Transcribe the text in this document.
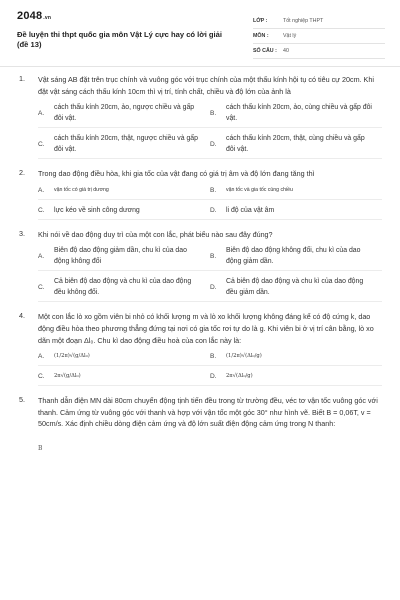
2048.vn
Đề luyện thi thpt quốc gia môn Vật Lý cực hay có lời giải (đề 13)
LỚP :	Tốt nghiệp THPT
MÔN :	Vật lý
SỐ CÂU :	40
1. Vật sáng AB đặt trên trục chính và vuông góc với trục chính của một thấu kính hội tụ có tiêu cự 20cm. Khi đặt vật sáng cách thấu kính 10cm thì vị trí, tính chất, chiều và độ lớn của ảnh là
A.
cách thấu kính 20cm, ảo, ngược chiều và gấp đôi vật.
B.
cách thấu kính 20cm, ảo, cùng chiều và gấp đôi vật.
C.
cách thấu kính 20cm, thật, ngược chiều và gấp đôi vật.
D.
cách thấu kính 20cm, thật, cùng chiều và gấp đôi vật.
2. Trong dao động điều hòa, khi gia tốc của vật đang có giá trị âm và độ lớn đang tăng thì
A.	vận tốc có giá trị dương	B.	vận tốc và gia tốc cùng chiều
C.	lực kéo về sinh công dương	D.	li độ của vật âm
3. Khi nói về dao động duy trì của một con lắc, phát biểu nào sau đây đúng?
A.
Biên độ dao động giảm dần, chu kì của dao động không đổi
B.
Biên độ dao động không đổi, chu kì của dao động giảm dần.
C.
Cả biên độ dao động và chu kì của dao động đều không đổi.
D.
Cả biên độ dao động và chu kì của dao động đều giảm dần.
4. Một con lắc lò xo gồm viên bi nhỏ có khối lượng m và lò xo khối lượng không đáng kể có độ cứng k, dao động điều hòa theo phương thẳng đứng tại nơi có gia tốc rơi tự do là g. Khi viên bi ở vị trí cân bằng, lò xo dãn một đoạn Δl₀. Chu kì dao động điều hoà của con lắc này là:
A.	(1/2π)√(g/Δl₀)	B.	(1/2π)√(Δl₀/g)
C.	2π√(g/Δl₀)	D.	2π√(Δl₀/g)
5. Thanh dẫn điện MN dài 80cm chuyển động tịnh tiến đều trong từ trường đều, véc tơ vận tốc vuông góc với thanh. Cảm ứng từ vuông góc với thanh và hợp với vận tốc một góc 30° như hình vẽ. Biết B = 0,06T, v = 50cm/s. Xác định chiều dòng điện cảm ứng và độ lớn suất điện động cảm ứng trong N thanh:
B
